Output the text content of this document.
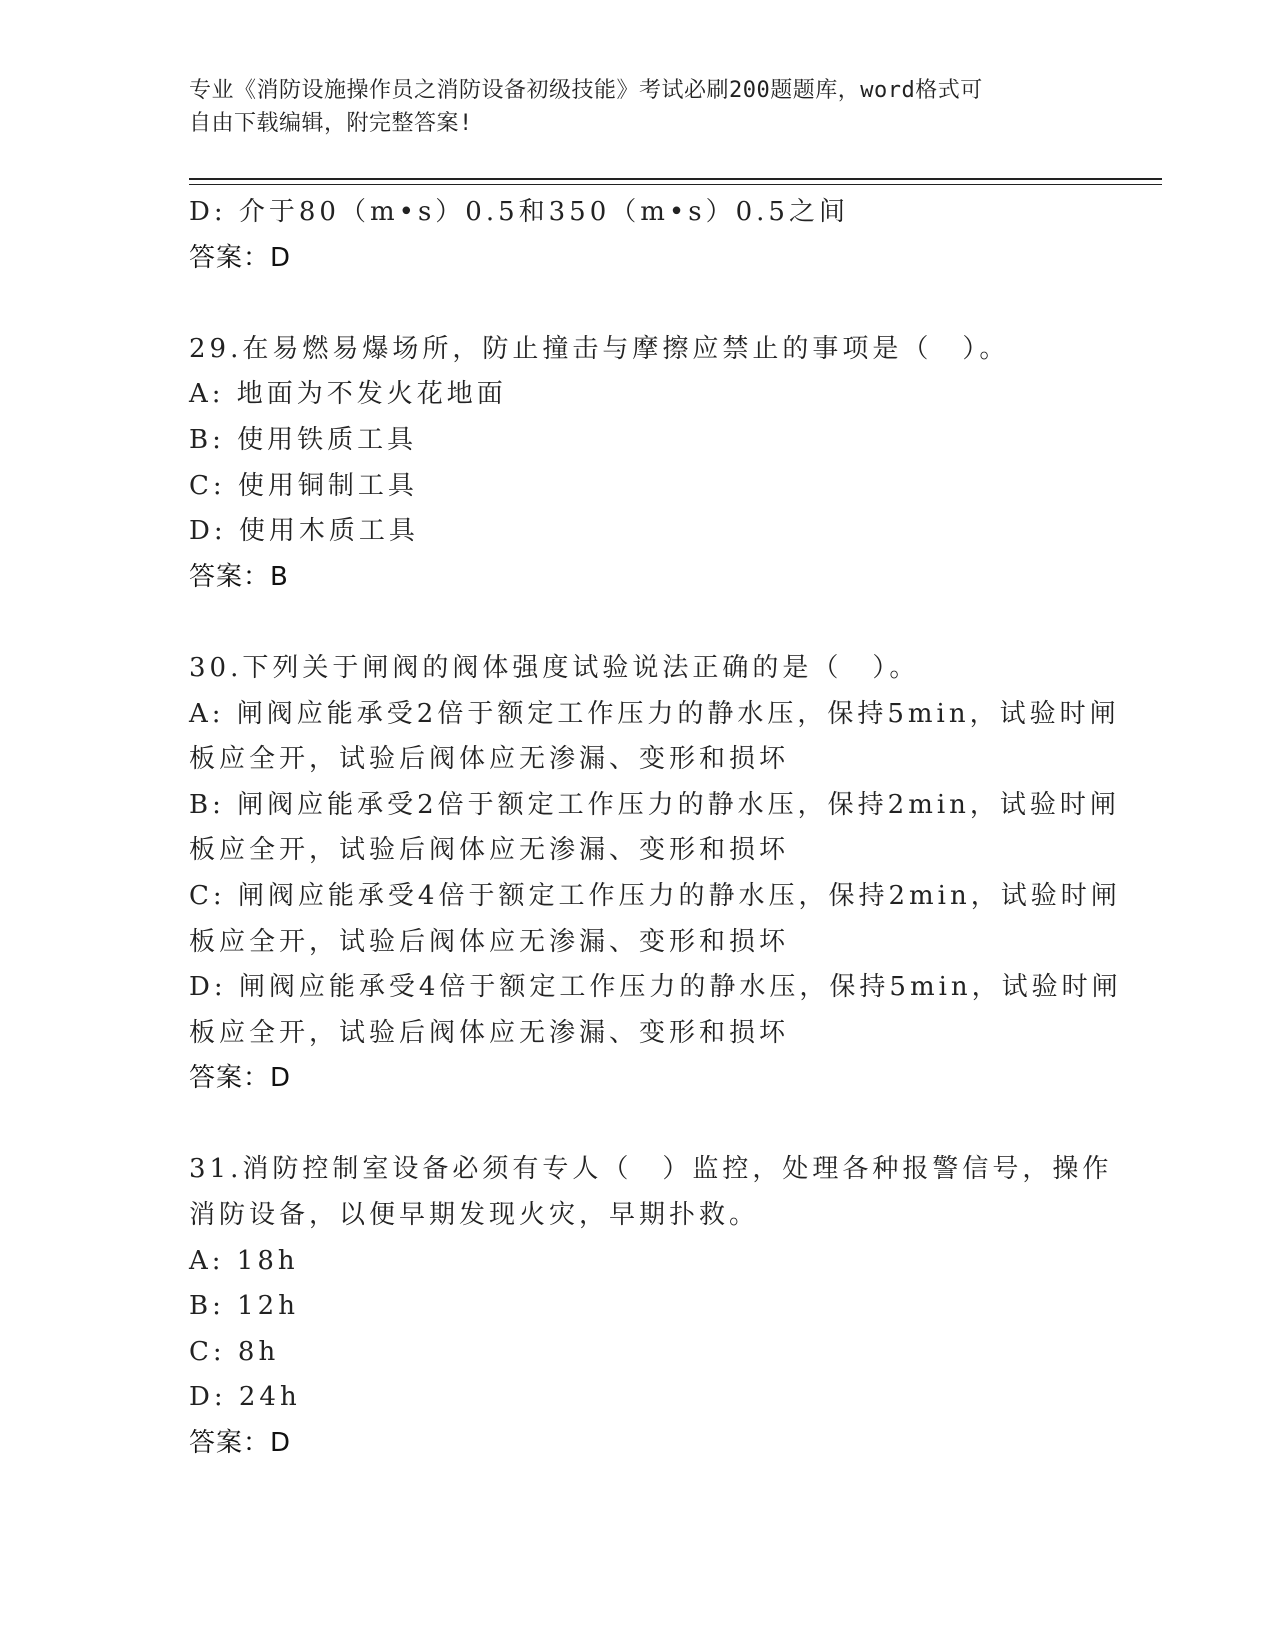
专业《消防设施操作员之消防设备初级技能》考试必刷200题题库，word格式可
自由下载编辑，附完整答案!
D: 介于80（m•s）0.5和350（m•s）0.5之间
答案：D
29.在易燃易爆场所，防止撞击与摩擦应禁止的事项是（　）。
A: 地面为不发火花地面
B: 使用铁质工具
C: 使用铜制工具
D: 使用木质工具
答案：B
30.下列关于闸阀的阀体强度试验说法正确的是（　）。
A: 闸阀应能承受2倍于额定工作压力的静水压，保持5min，试验时闸
板应全开，试验后阀体应无渗漏、变形和损坏
B: 闸阀应能承受2倍于额定工作压力的静水压，保持2min，试验时闸
板应全开，试验后阀体应无渗漏、变形和损坏
C: 闸阀应能承受4倍于额定工作压力的静水压，保持2min，试验时闸
板应全开，试验后阀体应无渗漏、变形和损坏
D: 闸阀应能承受4倍于额定工作压力的静水压，保持5min，试验时闸
板应全开，试验后阀体应无渗漏、变形和损坏
答案：D
31.消防控制室设备必须有专人（　）监控，处理各种报警信号，操作
消防设备，以便早期发现火灾，早期扑救。
A: 18h
B: 12h
C: 8h
D: 24h
答案：D
